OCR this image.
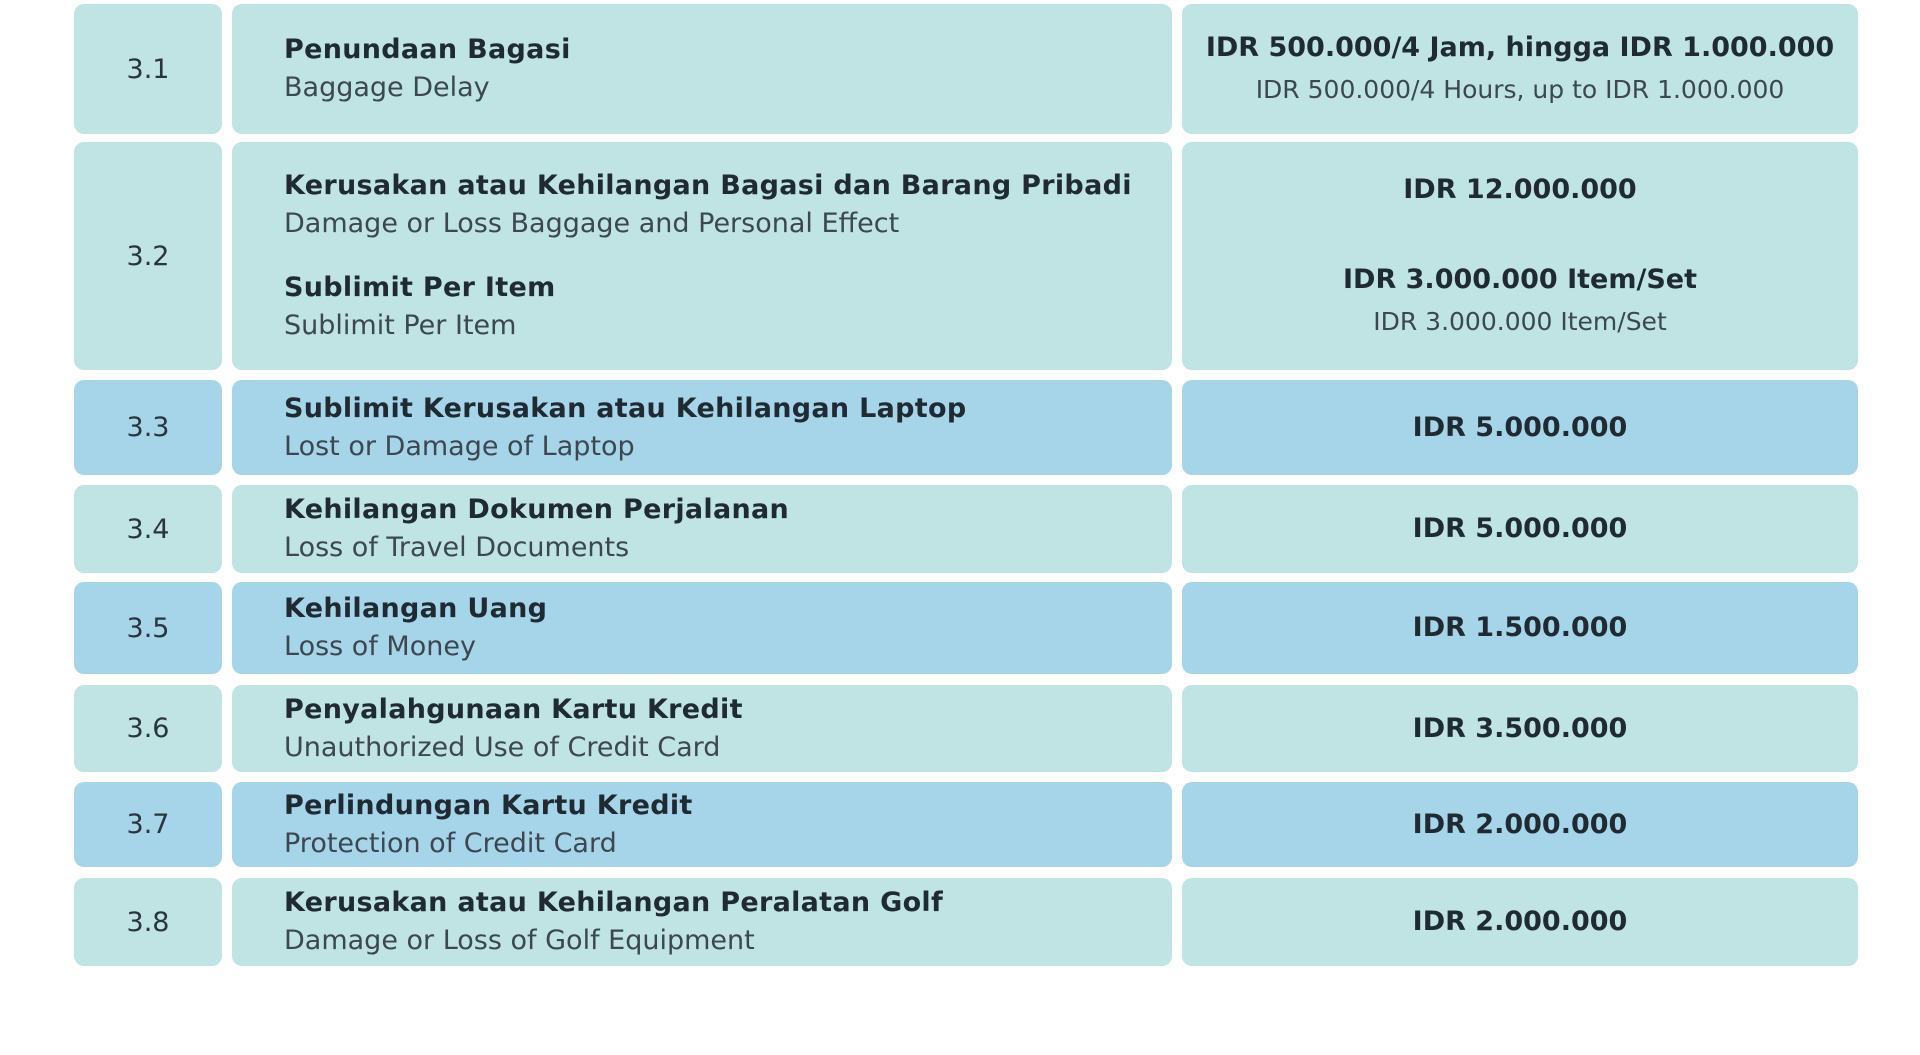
3.1
Penundaan Bagasi
Baggage Delay
IDR 500.000/4 Jam, hingga IDR 1.000.000
IDR 500.000/4 Hours, up to IDR 1.000.000
3.2
Kerusakan atau Kehilangan Bagasi dan Barang Pribadi
Damage or Loss Baggage and Personal Effect
Sublimit Per Item
Sublimit Per Item
IDR 12.000.000
IDR 3.000.000 Item/Set
IDR 3.000.000 Item/Set
3.3
Sublimit Kerusakan atau Kehilangan Laptop
Lost or Damage of Laptop
IDR 5.000.000
3.4
Kehilangan Dokumen Perjalanan
Loss of Travel Documents
IDR 5.000.000
3.5
Kehilangan Uang
Loss of Money
IDR 1.500.000
3.6
Penyalahgunaan Kartu Kredit
Unauthorized Use of Credit Card
IDR 3.500.000
3.7
Perlindungan Kartu Kredit
Protection of Credit Card
IDR 2.000.000
3.8
Kerusakan atau Kehilangan Peralatan Golf
Damage or Loss of Golf Equipment
IDR 2.000.000
